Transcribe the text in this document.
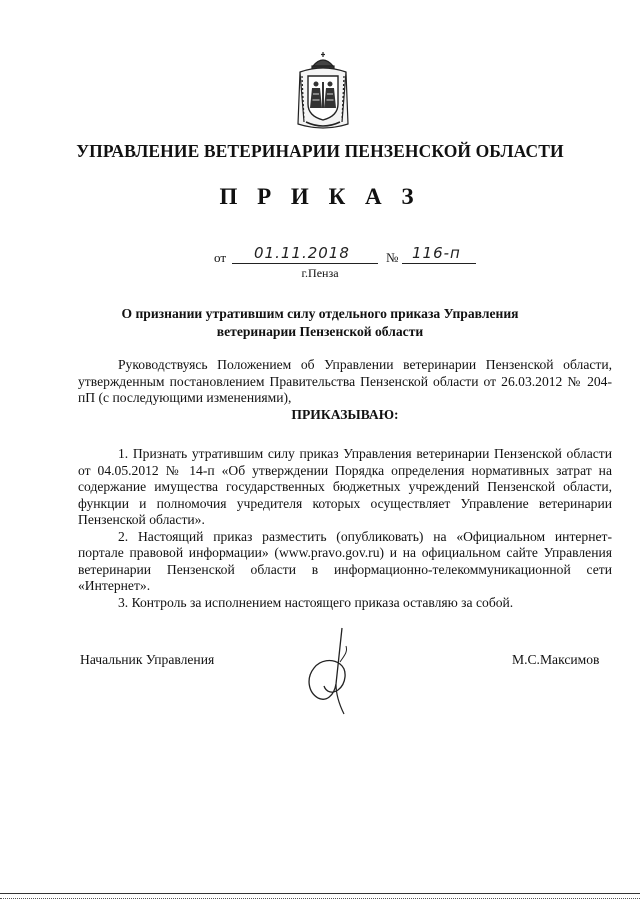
УПРАВЛЕНИЕ ВЕТЕРИНАРИИ ПЕНЗЕНСКОЙ ОБЛАСТИ
П Р И К А З
от 01.11.2018	№ 116-п
г.Пенза
О признании утратившим силу отдельного приказа Управления
ветеринарии Пензенской области

Руководствуясь Положением об Управлении ветеринарии Пензенской области, утвержденным постановлением Правительства Пензенской области от 26.03.2012 № 204-пП (с последующими изменениями),

ПРИКАЗЫВАЮ:

1. Признать утратившим силу приказ Управления ветеринарии Пензенской области от 04.05.2012 № 14-п «Об утверждении Порядка определения нормативных затрат на содержание имущества государственных бюджетных учреждений Пензенской области, функции и полномочия учредителя которых осуществляет Управление ветеринарии Пензенской области».

2. Настоящий приказ разместить (опубликовать) на «Официальном интернет-портале правовой информации» (www.pravo.gov.ru) и на официальном сайте Управления ветеринарии Пензенской области в информационно-телекоммуникационной сети «Интернет».

3. Контроль за исполнением настоящего приказа оставляю за собой.

Начальник Управления	М.С.Максимов
